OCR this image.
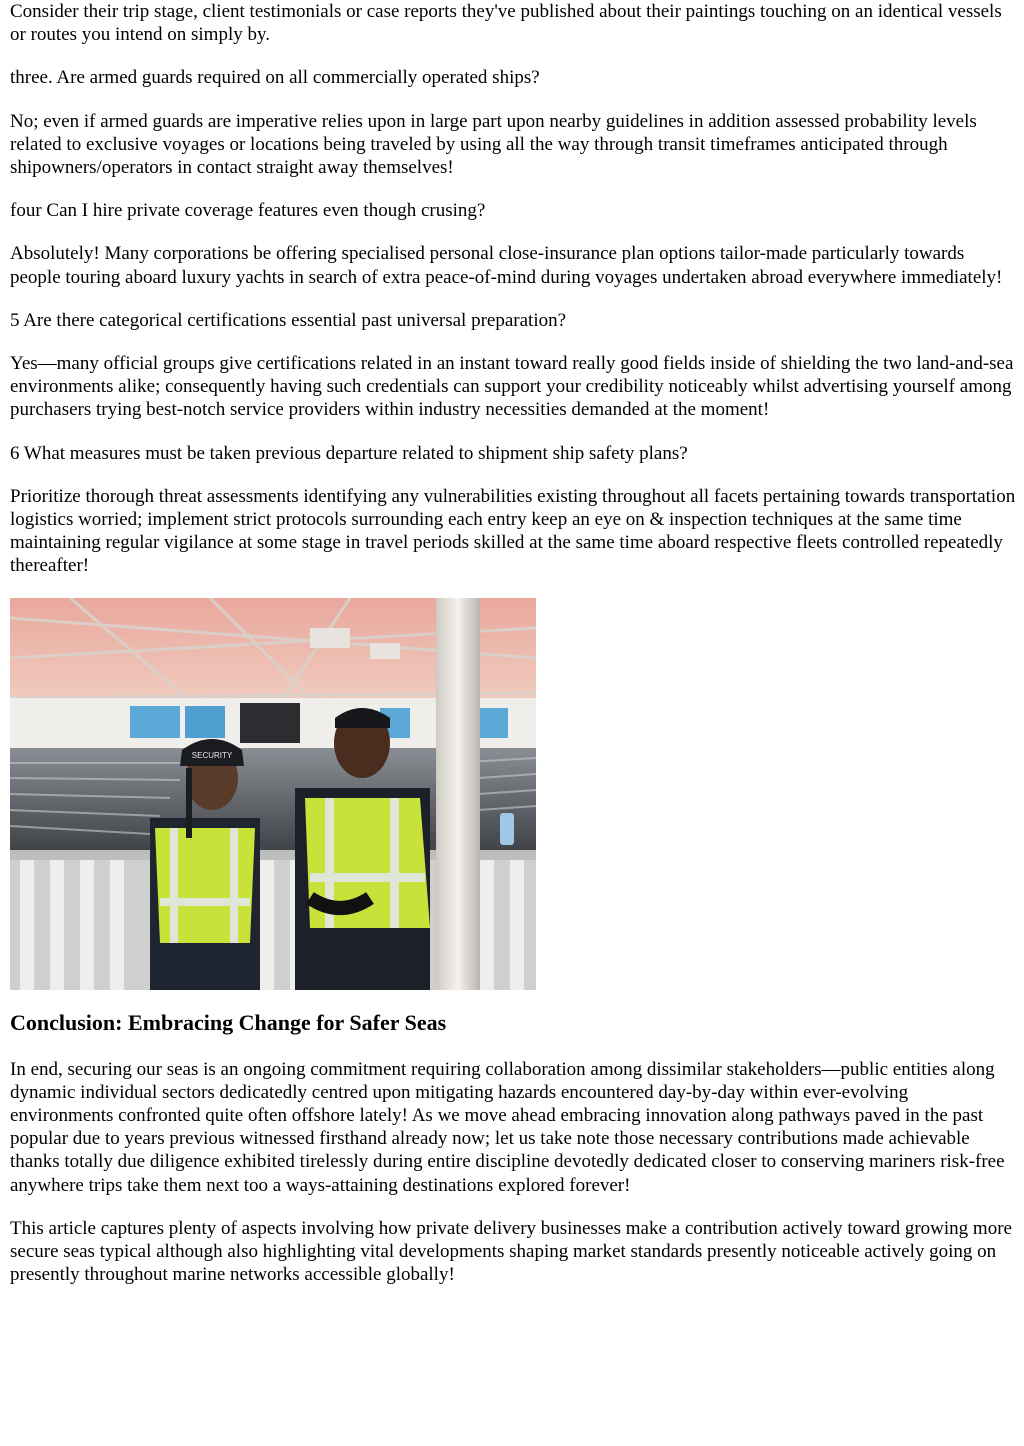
Consider their trip stage, client testimonials or case reports they've published about their paintings touching on an identical vessels or routes you intend on simply by.

three. Are armed guards required on all commercially operated ships?

No; even if armed guards are imperative relies upon in large part upon nearby guidelines in addition assessed probability levels related to exclusive voyages or locations being traveled by using all the way through transit timeframes anticipated through shipowners/operators in contact straight away themselves!

four Can I hire private coverage features even though crusing?

Absolutely! Many corporations be offering specialised personal close-insurance plan options tailor-made particularly towards people touring aboard luxury yachts in search of extra peace-of-mind during voyages undertaken abroad everywhere immediately!

5 Are there categorical certifications essential past universal preparation?

Yes—many official groups give certifications related in an instant toward really good fields inside of shielding the two land-and-sea environments alike; consequently having such credentials can support your credibility noticeably whilst advertising yourself among purchasers trying best-notch service providers within industry necessities demanded at the moment!

6 What measures must be taken previous departure related to shipment ship safety plans?

Prioritize thorough threat assessments identifying any vulnerabilities existing throughout all facets pertaining towards transportation logistics worried; implement strict protocols surrounding each entry keep an eye on & inspection techniques at the same time maintaining regular vigilance at some stage in travel periods skilled at the same time aboard respective fleets controlled repeatedly thereafter!

SECURITY
Conclusion: Embracing Change for Safer Seas

In end, securing our seas is an ongoing commitment requiring collaboration among dissimilar stakeholders—public entities along dynamic individual sectors dedicatedly centred upon mitigating hazards encountered day-by-day within ever-evolving environments confronted quite often offshore lately! As we move ahead embracing innovation along pathways paved in the past popular due to years previous witnessed firsthand already now; let us take note those necessary contributions made achievable thanks totally due diligence exhibited tirelessly during entire discipline devotedly dedicated closer to conserving mariners risk-free anywhere trips take them next too a ways-attaining destinations explored forever!

This article captures plenty of aspects involving how private delivery businesses make a contribution actively toward growing more secure seas typical although also highlighting vital developments shaping market standards presently noticeable actively going on presently throughout marine networks accessible globally!
